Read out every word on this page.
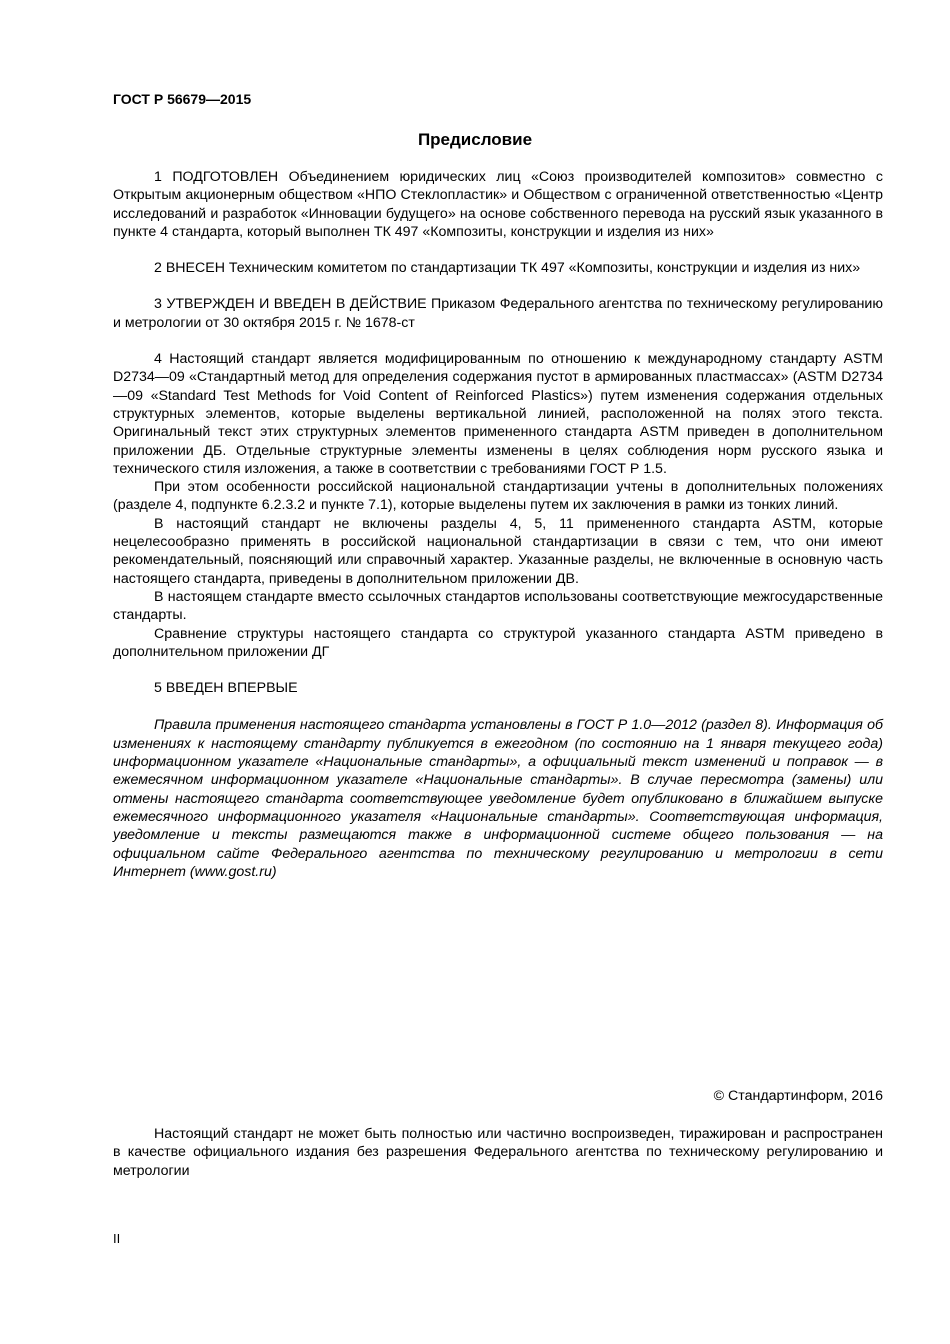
ГОСТ Р 56679—2015
Предисловие

1 ПОДГОТОВЛЕН Объединением юридических лиц «Союз производителей композитов» совместно с Открытым акционерным обществом «НПО Стеклопластик» и Обществом с ограниченной ответственностью «Центр исследований и разработок «Инновации будущего» на основе собственного перевода на русский язык указанного в пункте 4 стандарта, который выполнен ТК 497 «Композиты, конструкции и изделия из них»

2 ВНЕСЕН Техническим комитетом по стандартизации ТК 497 «Композиты, конструкции и изделия из них»

3 УТВЕРЖДЕН И ВВЕДЕН В ДЕЙСТВИЕ Приказом Федерального агентства по техническому регулированию и метрологии от 30 октября 2015 г. № 1678-ст

4 Настоящий стандарт является модифицированным по отношению к международному стандарту ASTM D2734—09 «Стандартный метод для определения содержания пустот в армированных пластмассах» (ASTM D2734—09 «Standard Test Methods for Void Content of Reinforced Plastics») путем изменения содержания отдельных структурных элементов, которые выделены вертикальной линией, расположенной на полях этого текста. Оригинальный текст этих структурных элементов примененного стандарта ASTM приведен в дополнительном приложении ДБ. Отдельные структурные элементы изменены в целях соблюдения норм русского языка и технического стиля изложения, а также в соответствии с требованиями ГОСТ Р 1.5.

При этом особенности российской национальной стандартизации учтены в дополнительных положениях (разделе 4, подпункте 6.2.3.2 и пункте 7.1), которые выделены путем их заключения в рамки из тонких линий.

В настоящий стандарт не включены разделы 4, 5, 11 примененного стандарта ASTM, которые нецелесообразно применять в российской национальной стандартизации в связи с тем, что они имеют рекомендательный, поясняющий или справочный характер. Указанные разделы, не включенные в основную часть настоящего стандарта, приведены в дополнительном приложении ДВ.

В настоящем стандарте вместо ссылочных стандартов использованы соответствующие межгосударственные стандарты.

Сравнение структуры настоящего стандарта со структурой указанного стандарта ASTM приведено в дополнительном приложении ДГ

5 ВВЕДЕН ВПЕРВЫЕ

Правила применения настоящего стандарта установлены в ГОСТ Р 1.0—2012 (раздел 8). Информация об изменениях к настоящему стандарту публикуется в ежегодном (по состоянию на 1 января текущего года) информационном указателе «Национальные стандарты», а официальный текст изменений и поправок — в ежемесячном информационном указателе «Национальные стандарты». В случае пересмотра (замены) или отмены настоящего стандарта соответствующее уведомление будет опубликовано в ближайшем выпуске ежемесячного информационного указателя «Национальные стандарты». Соответствующая информация, уведомление и тексты размещаются также в информационной системе общего пользования — на официальном сайте Федерального агентства по техническому регулированию и метрологии в сети Интернет (www.gost.ru)

© Стандартинформ, 2016

Настоящий стандарт не может быть полностью или частично воспроизведен, тиражирован и распространен в качестве официального издания без разрешения Федерального агентства по техническому регулированию и метрологии

II
